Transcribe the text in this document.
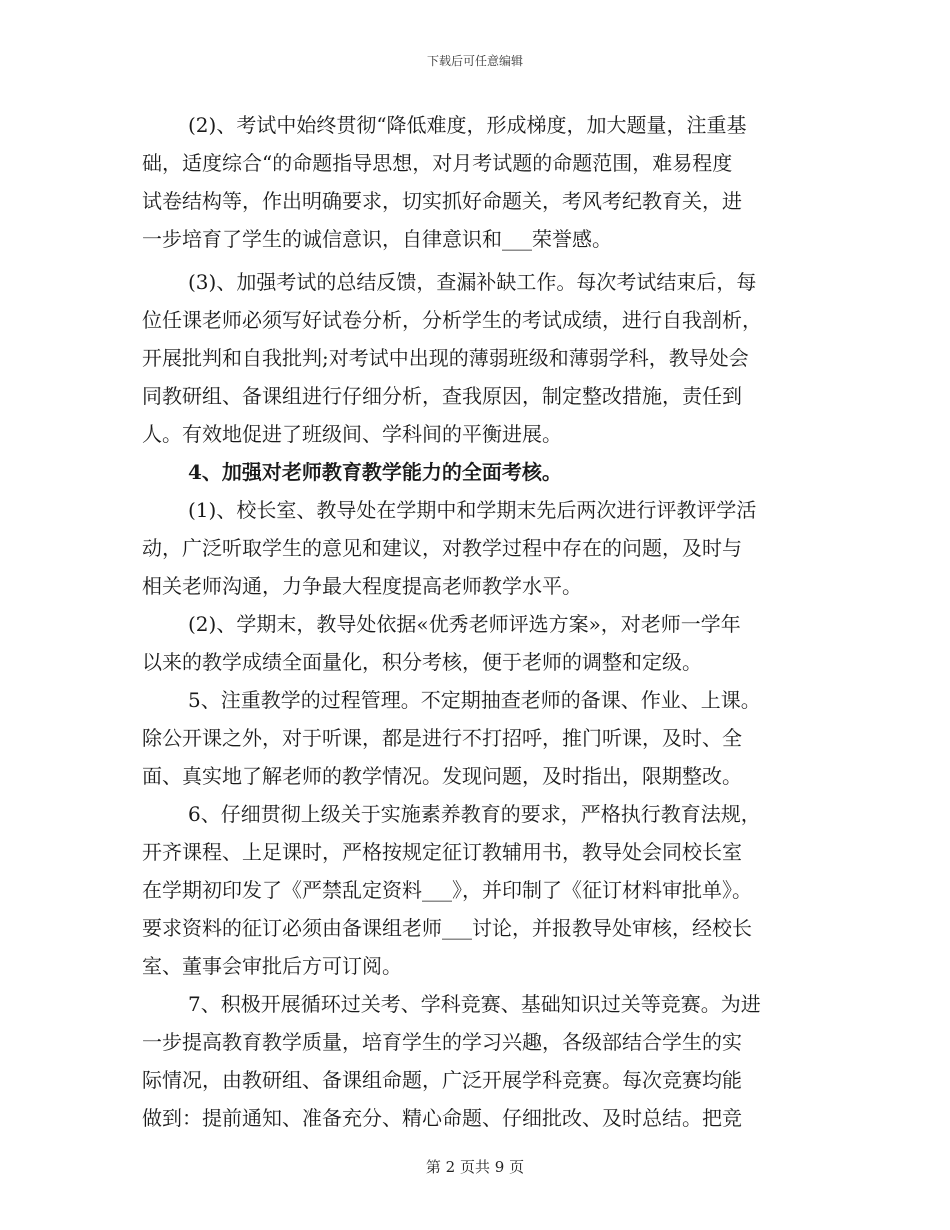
下载后可任意编辑
(2)、考试中始终贯彻“降低难度，形成梯度，加大题量，注重基
础，适度综合“的命题指导思想，对月考试题的命题范围，难易程度
试卷结构等，作出明确要求，切实抓好命题关，考风考纪教育关，进
一步培育了学生的诚信意识，自律意识和___荣誉感。
(3)、加强考试的总结反馈，查漏补缺工作。每次考试结束后，每
位任课老师必须写好试卷分析，分析学生的考试成绩，进行自我剖析，
开展批判和自我批判;对考试中出现的薄弱班级和薄弱学科，教导处会
同教研组、备课组进行仔细分析，查我原因，制定整改措施，责任到
人。有效地促进了班级间、学科间的平衡进展。
4、加强对老师教育教学能力的全面考核。
(1)、校长室、教导处在学期中和学期末先后两次进行评教评学活
动，广泛听取学生的意见和建议，对教学过程中存在的问题，及时与
相关老师沟通，力争最大程度提高老师教学水平。
(2)、学期末，教导处依据«优秀老师评选方案»，对老师一学年
以来的教学成绩全面量化，积分考核，便于老师的调整和定级。
5、注重教学的过程管理。不定期抽查老师的备课、作业、上课。
除公开课之外，对于听课，都是进行不打招呼，推门听课，及时、全
面、真实地了解老师的教学情况。发现问题，及时指出，限期整改。
6、仔细贯彻上级关于实施素养教育的要求，严格执行教育法规，
开齐课程、上足课时，严格按规定征订教辅用书，教导处会同校长室
在学期初印发了《严禁乱定资料___》，并印制了《征订材料审批单》。
要求资料的征订必须由备课组老师___讨论，并报教导处审核，经校长
室、董事会审批后方可订阅。
7、积极开展循环过关考、学科竞赛、基础知识过关等竞赛。为进
一步提高教育教学质量，培育学生的学习兴趣，各级部结合学生的实
际情况，由教研组、备课组命题，广泛开展学科竞赛。每次竞赛均能
做到：提前通知、准备充分、精心命题、仔细批改、及时总结。把竞
第 2 页共 9 页
